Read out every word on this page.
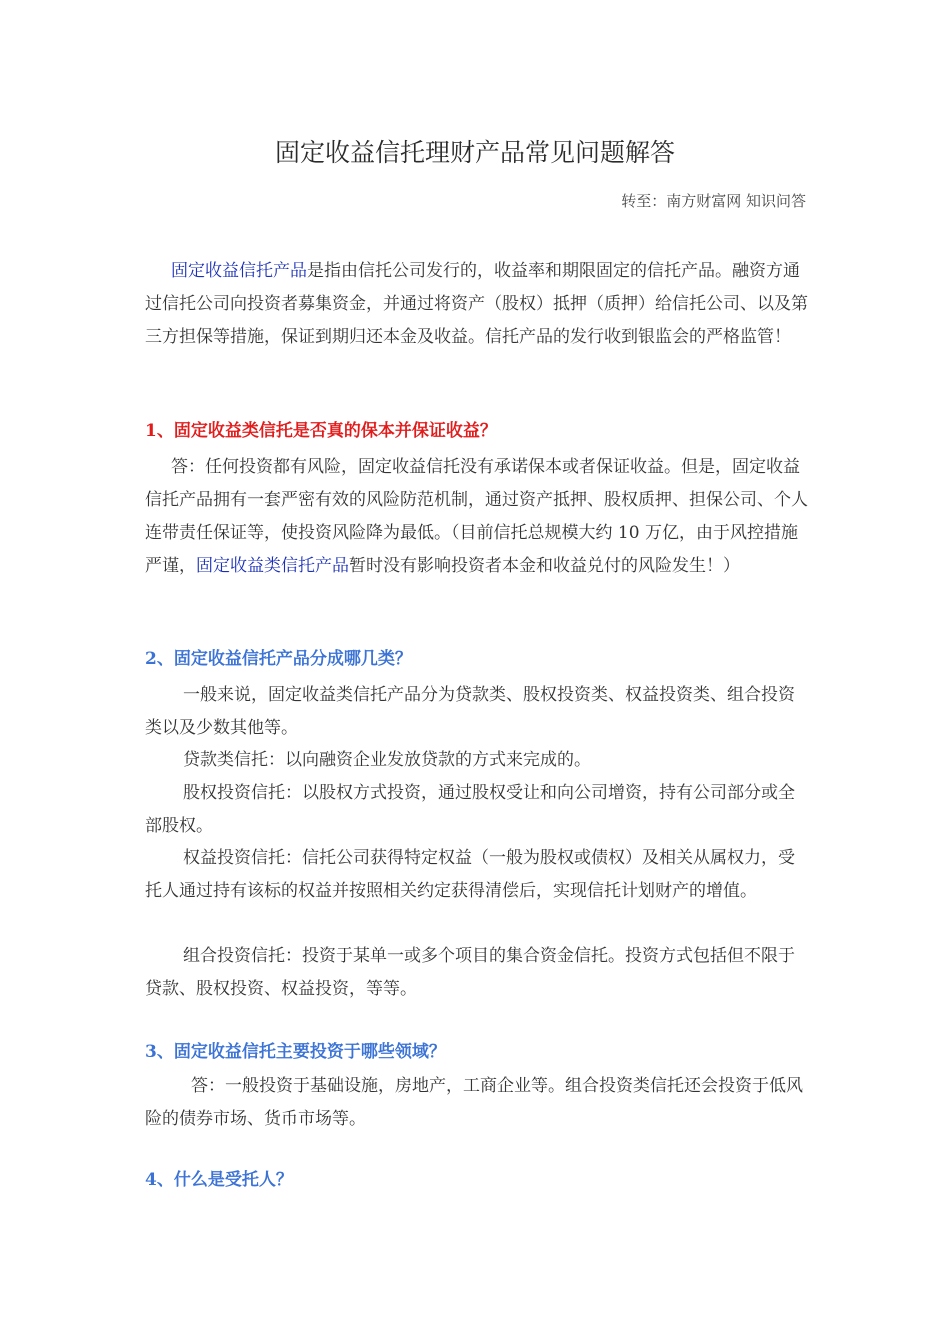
固定收益信托理财产品常见问题解答
转至：南方财富网 知识问答

固定收益信托产品是指由信托公司发行的，收益率和期限固定的信托产品。融资方通过信托公司向投资者募集资金，并通过将资产（股权）抵押（质押）给信托公司、以及第三方担保等措施，保证到期归还本金及收益。信托产品的发行收到银监会的严格监管！

1、固定收益类信托是否真的保本并保证收益？

答：任何投资都有风险，固定收益信托没有承诺保本或者保证收益。但是，固定收益信托产品拥有一套严密有效的风险防范机制，通过资产抵押、股权质押、担保公司、个人连带责任保证等，使投资风险降为最低。（目前信托总规模大约 10 万亿，由于风控措施严谨，固定收益类信托产品暂时没有影响投资者本金和收益兑付的风险发生！）

2、固定收益信托产品分成哪几类？

一般来说，固定收益类信托产品分为贷款类、股权投资类、权益投资类、组合投资类以及少数其他等。

贷款类信托：以向融资企业发放贷款的方式来完成的。

股权投资信托：以股权方式投资，通过股权受让和向公司增资，持有公司部分或全部股权。

权益投资信托：信托公司获得特定权益（一般为股权或债权）及相关从属权力，受托人通过持有该标的权益并按照相关约定获得清偿后，实现信托计划财产的增值。

组合投资信托：投资于某单一或多个项目的集合资金信托。投资方式包括但不限于贷款、股权投资、权益投资，等等。

3、固定收益信托主要投资于哪些领域？

答：一般投资于基础设施，房地产，工商企业等。组合投资类信托还会投资于低风险的债券市场、货币市场等。

4、什么是受托人？
